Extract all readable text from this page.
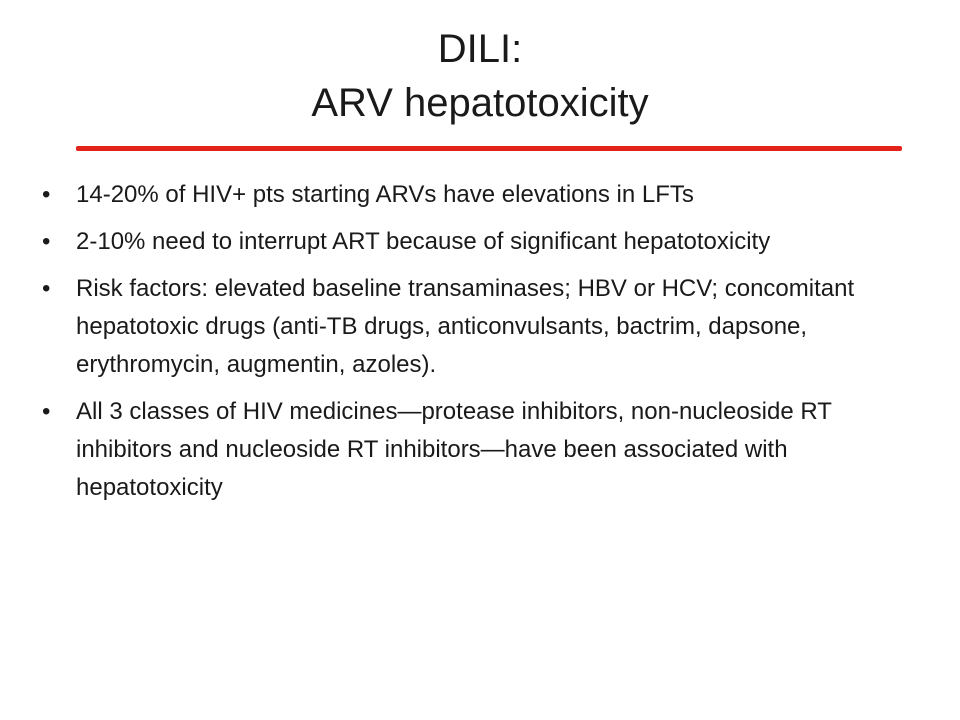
DILI:
ARV hepatotoxicity
• 14-20% of HIV+ pts starting ARVs have elevations in LFTs
• 2-10% need to interrupt ART because of significant hepatotoxicity
• Risk factors: elevated baseline transaminases; HBV or HCV; concomitant hepatotoxic drugs (anti-TB drugs, anticonvulsants, bactrim, dapsone, erythromycin, augmentin, azoles).
• All 3 classes of HIV medicines—protease inhibitors, non-nucleoside RT inhibitors and nucleoside RT inhibitors—have been associated with hepatotoxicity
